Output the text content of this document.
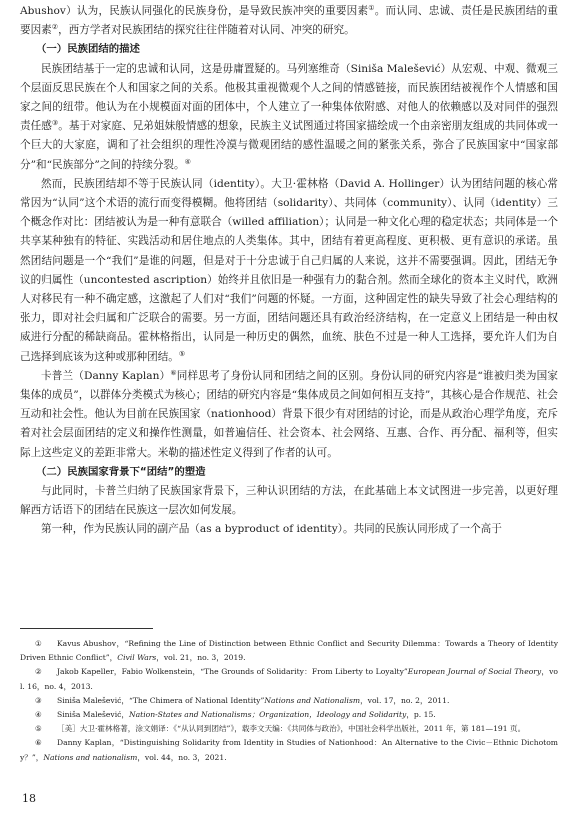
Abushov）认为，民族认同强化的民族身份，是导致民族冲突的重要因素①。而认同、忠诚、责任是民族团结的重要因素②，西方学者对民族团结的探究往往伴随着对认同、冲突的研究。

（一）民族团结的描述

民族团结基于一定的忠诚和认同，这是毋庸置疑的。马列塞维奇（Siniša Malešević）从宏观、中观、微观三个层面反思民族在个人和国家之间的关系。他极其重视微观个人之间的情感链接，而民族团结被视作个人情感和国家之间的纽带。他认为在小规模面对面的团体中，个人建立了一种集体依附感、对他人的依赖感以及对同伴的强烈责任感③。基于对家庭、兄弟姐妹般情感的想象，民族主义试图通过将国家描绘成一个由亲密朋友组成的共同体或一个巨大的大家庭，调和了社会组织的理性冷漠与微观团结的感性温暖之间的紧张关系，弥合了民族国家中“国家部分”和“民族部分”之间的持续分裂。④

然而，民族团结却不等于民族认同（identity）。大卫·霍林格（David A. Hollinger）认为团结问题的核心常常因为“认同”这个术语的流行而变得模糊。他将团结（solidarity）、共同体（community）、认同（identity）三个概念作对比：团结被认为是一种有意联合（willed affiliation）；认同是一种文化心理的稳定状态；共同体是一个共享某种独有的特征、实践活动和居住地点的人类集体。其中，团结有着更高程度、更积极、更有意识的承诺。虽然团结问题是一个“我们”是谁的问题，但是对于十分忠诚于自己归属的人来说，这并不需要强调。因此，团结无争议的归属性（uncontested ascription）始终并且依旧是一种强有力的黏合剂。然而全球化的资本主义时代，欧洲人对移民有一种不确定感，这激起了人们对“我们”问题的怀疑。一方面，这种固定性的缺失导致了社会心理结构的张力，即对社会归属和广泛联合的需要。另一方面，团结问题还具有政治经济结构，在一定意义上团结是一种由权威进行分配的稀缺商品。霍林格指出，认同是一种历史的偶然，血统、肤色不过是一种人工选择，要允许人们为自己选择到底该为这种或那种团结。⑤

卡普兰（Danny Kaplan）⑥同样思考了身份认同和团结之间的区别。身份认同的研究内容是“谁被归类为国家集体的成员”，以群体分类模式为核心；团结的研究内容是“集体成员之间如何相互支持”，其核心是合作规范、社会互动和社会性。他认为目前在民族国家（nationhood）背景下很少有对团结的讨论，而是从政治心理学角度，充斥着对社会层面团结的定义和操作性测量，如普遍信任、社会资本、社会网络、互惠、合作、再分配、福利等，但实际上这些定义的差距非常大。米勒的描述性定义得到了作者的认可。

（二）民族国家背景下“团结”的塑造

与此同时，卡普兰归纳了民族国家背景下，三种认识团结的方法，在此基础上本文试图进一步完善，以更好理解西方话语下的团结在民族这一层次如何发展。

第一种，作为民族认同的副产品（as a byproduct of identity）。共同的民族认同形成了一个高于

① Kavus Abushov，“Refining the Line of Distinction between Ethnic Conflict and Security Dilemma：Towards a Theory of Identity Driven Ethnic Conflict”，Civil Wars，vol. 21，no. 3，2019.

② Jakob Kapeller，Fabio Wolkenstein，“The Grounds of Solidarity：From Liberty to Loyalty”European Journal of Social Theory，vol. 16，no. 4，2013.

③ Siniša Malešević，“The Chimera of National Identity”Nations and Nationalism，vol. 17，no. 2，2011.

④ Siniša Malešević，Nation-States and Nationalisms；Organization，Ideology and Solidarity，p. 15.

⑤ ［美］大卫·霍林格著，涂文娟译：《“从认同到团结”》，载李文天编：《共同体与政治》，中国社会科学出版社，2011 年，第 181—191 页。

⑥ Danny Kaplan，“Distinguishing Solidarity from Identity in Studies of Nationhood：An Alternative to the Civic－Ethnic Dichotomy？”，Nations and nationalism，vol. 44，no. 3，2021.

18
